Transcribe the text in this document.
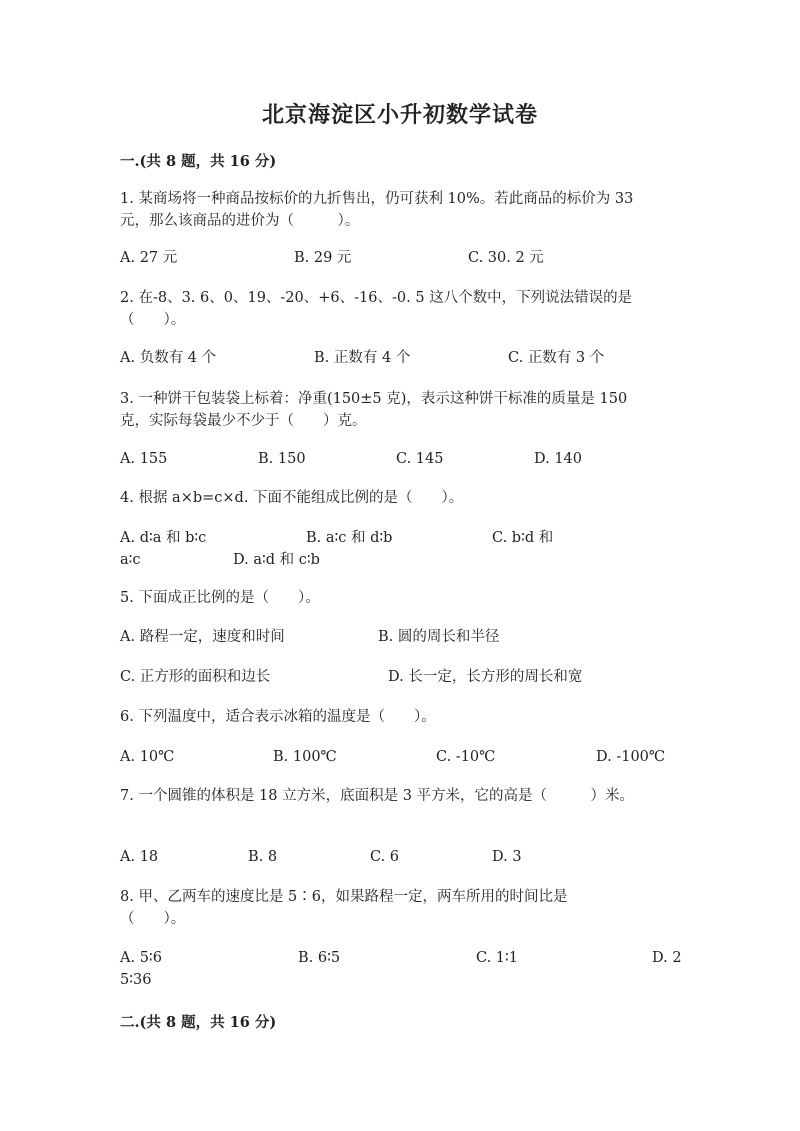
北京海淀区小升初数学试卷
一.(共 8 题，共 16 分)
1. 某商场将一种商品按标价的九折售出，仍可获利 10%。若此商品的标价为 33
元，那么该商品的进价为（　　　）。
A. 27 元	B. 29 元	C. 30. 2 元
2. 在-8、3. 6、0、19、-20、+6、-16、-0. 5 这八个数中，下列说法错误的是
（　　）。
A. 负数有 4 个	B. 正数有 4 个	C. 正数有 3 个
3. 一种饼干包装袋上标着：净重(150±5 克)，表示这种饼干标准的质量是 150
克，实际每袋最少不少于（　　）克。
A. 155	B. 150	C. 145	D. 140
4. 根据 a×b=c×d. 下面不能组成比例的是（　　）。
A. d∶a 和 b∶c	B. a∶c 和 d∶b	C. b∶d 和
a∶c	D. a∶d 和 c∶b
5. 下面成正比例的是（　　）。
A. 路程一定，速度和时间	B. 圆的周长和半径
C. 正方形的面积和边长	D. 长一定，长方形的周长和宽
6. 下列温度中，适合表示冰箱的温度是（　　）。
A. 10℃	B. 100℃	C. -10℃	D. -100℃
7. 一个圆锥的体积是 18 立方米，底面积是 3 平方米，它的高是（　　　）米。
A. 18	B. 8	C. 6	D. 3
8. 甲、乙两车的速度比是 5∶6，如果路程一定，两车所用的时间比是
（　　）。
A. 5∶6	B. 6∶5	C. 1∶1	D. 2
5∶36
二.(共 8 题，共 16 分)
